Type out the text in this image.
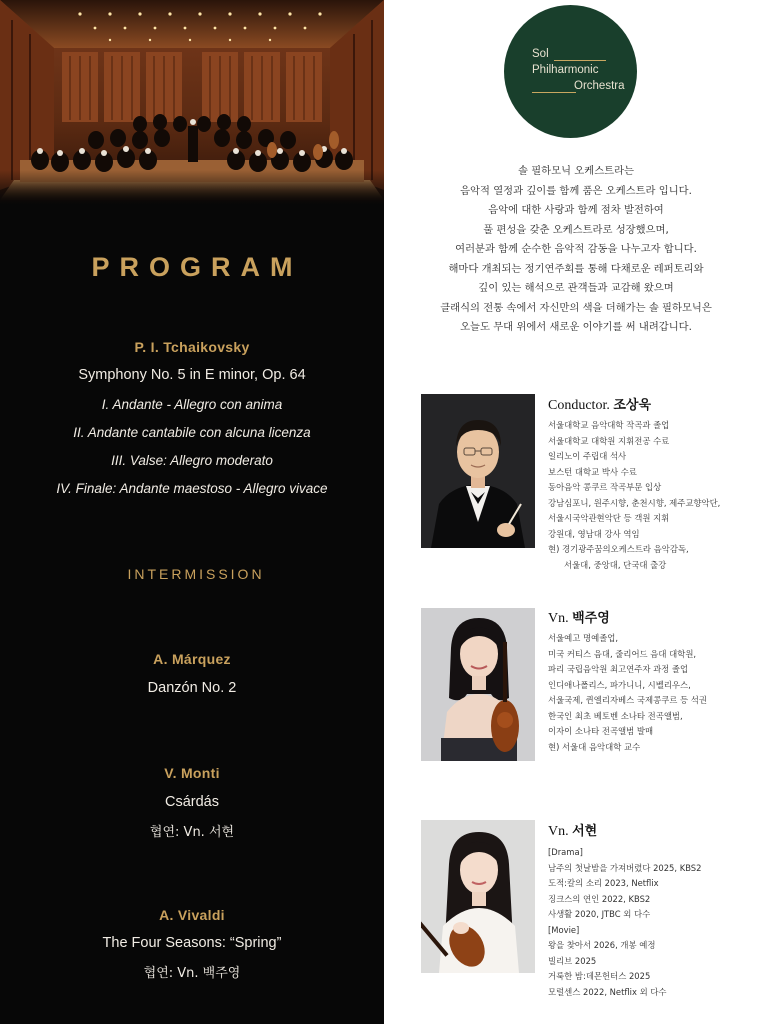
PROGRAM
P. I. Tchaikovsky
Symphony No. 5 in E minor, Op. 64
I. Andante - Allegro con anima
II. Andante cantabile con alcuna licenza
III. Valse: Allegro moderato
IV. Finale: Andante maestoso - Allegro vivace
INTERMISSION
A. Márquez
Danzón No. 2
V. Monti
Csárdás
협연: Vn. 서현
A. Vivaldi
The Four Seasons: “Spring”
협연: Vn. 백주영
Sol
Philharmonic
Orchestra
솔 필하모닉 오케스트라는
음악적 열정과 깊이를 함께 품은 오케스트라 입니다.
음악에 대한 사랑과 함께 점차 발전하여
풀 편성을 갖춘 오케스트라로 성장했으며,
여러분과 함께 순수한 음악적 감동을 나누고자 합니다.
해마다 개최되는 정기연주회를 통해 다채로운 레퍼토리와
깊이 있는 해석으로 관객들과 교감해 왔으며
클래식의 전통 속에서 자신만의 색을 더해가는 솔 필하모닉은
오늘도 무대 위에서 새로운 이야기를 써 내려갑니다.
Conductor. 조상욱
서울대학교 음악대학 작곡과 졸업
서울대학교 대학원 지휘전공 수료
일리노이 주립대 석사
보스턴 대학교 박사 수료
동아음악 콩쿠르 작곡부문 입상
강남심포니, 원주시향, 춘천시향, 제주교향악단,
서울시국악관현악단 등 객원 지휘
강원대, 영남대 강사 역임
현) 경기광주꿈의오케스트라 음악감독,
서울대, 중앙대, 단국대 출강
Vn. 백주영
서울예고 명예졸업,
미국 커티스 음대, 줄리어드 음대 대학원,
파리 국립음악원 최고연주자 과정 졸업
인디애나폴리스, 파가니니, 시벨리우스,
서울국제, 퀸엘리자베스 국제콩쿠르 등 석권
한국인 최초 베토벤 소나타 전곡앨범,
이자이 소나타 전곡앨범 발매
현) 서울대 음악대학 교수
Vn. 서현
[Drama]
남주의 첫날밤을 가져버렸다 2025, KBS2
도적:칼의 소리 2023, Netflix
징크스의 연인 2022, KBS2
사생활 2020, JTBC 외 다수
[Movie]
왕을 찾아서 2026, 개봉 예정
빌리브 2025
거룩한 밤:데몬헌터스 2025
모럴센스 2022, Netflix 외 다수
